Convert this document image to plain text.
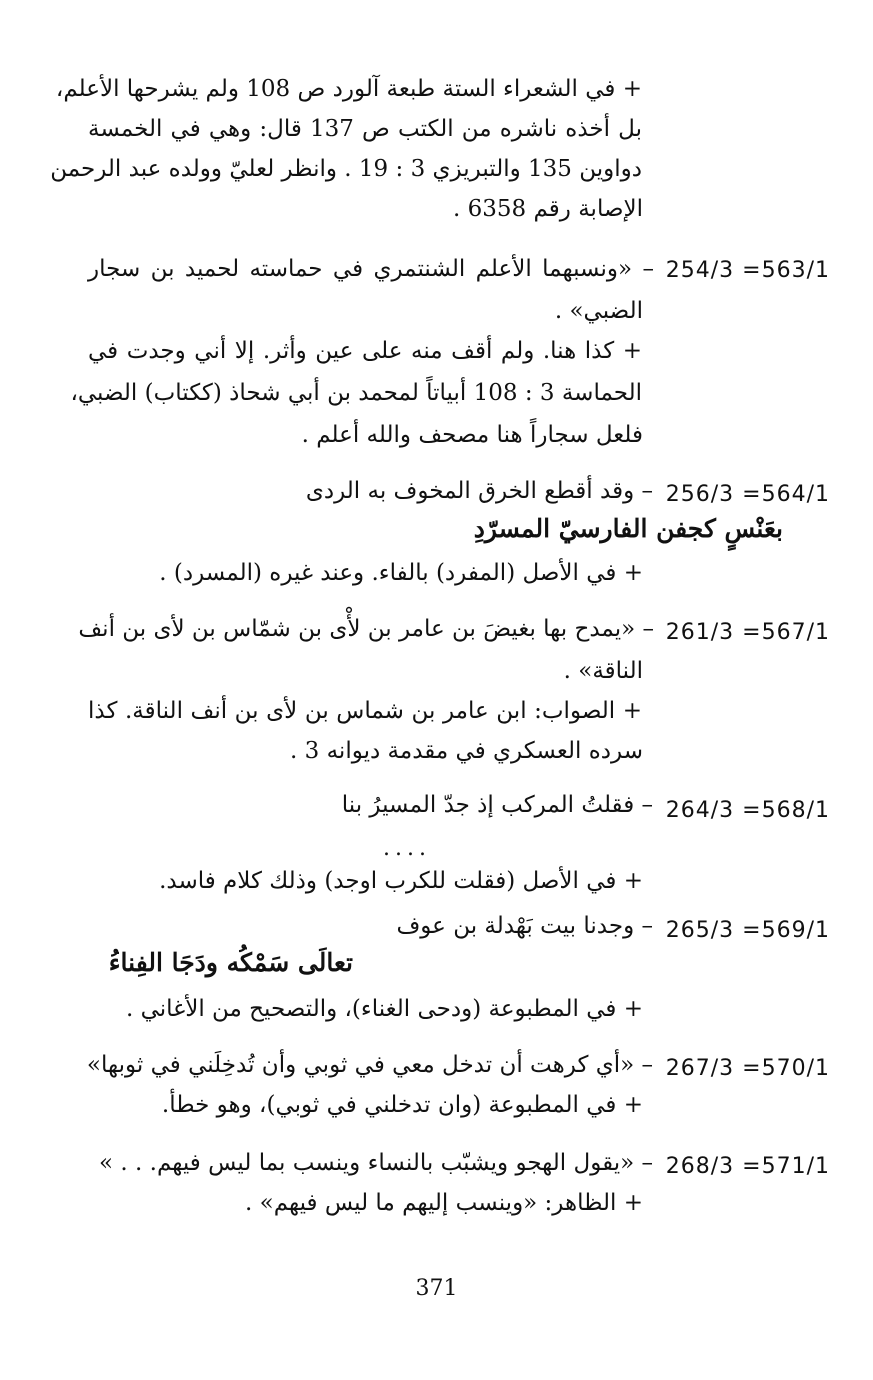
+ في الشعراء الستة طبعة آلورد ص 108 ولم يشرحها الأعلم،
بل أخذه ناشره من الكتب ص 137 قال: وهي في الخمسة
دواوين 135 والتبريزي 3 : 19 . وانظر لعليّ وولده عبد الرحمن
الإصابة رقم 6358 .
254/3 =563/1
– «ونسبهما الأعلم الشنتمري في حماسته لحميد بن سجار
الضبي» .
+ كذا هنا. ولم أقف منه على عين وأثر. إلا أني وجدت في
الحماسة 3 : 108 أبياتاً لمحمد بن أبي شحاذ (ككتاب) الضبي،
فلعل سجاراً هنا مصحف والله أعلم .
256/3 =564/1
– وقد أقطع الخرق المخوف به الردى
بعَنْسٍ كجفن الفارسيّ المسرّدِ
+ في الأصل (المفرد) بالفاء. وعند غيره (المسرد) .
261/3 =567/1
– «يمدح بها بغيضَ بن عامر بن لأْى بن شمّاس بن لأى بن أنف
الناقة» .
+ الصواب: ابن عامر بن شماس بن لأى بن أنف الناقة. كذا
سرده العسكري في مقدمة ديوانه 3 .
264/3 =568/1
– فقلتُ المركب إذ جدّ المسيرُ بنا
....
+ في الأصل (فقلت للكرب اوجد) وذلك كلام فاسد.
265/3 =569/1
– وجدنا بيت بَهْدلة بن عوف
تعالَى سَمْكُه ودَجَا الفِناءُ
+ في المطبوعة (ودحى الغناء)، والتصحيح من الأغاني .
267/3 =570/1
– «أي كرهت أن تدخل معي في ثوبي وأن تُدخِلَني في ثوبها»
+ في المطبوعة (وان تدخلني في ثوبي)، وهو خطأ.
268/3 =571/1
– «يقول الهجو ويشبّب بالنساء وينسب بما ليس فيهم. . . »
+ الظاهر: «وينسب إليهم ما ليس فيهم» .
371
